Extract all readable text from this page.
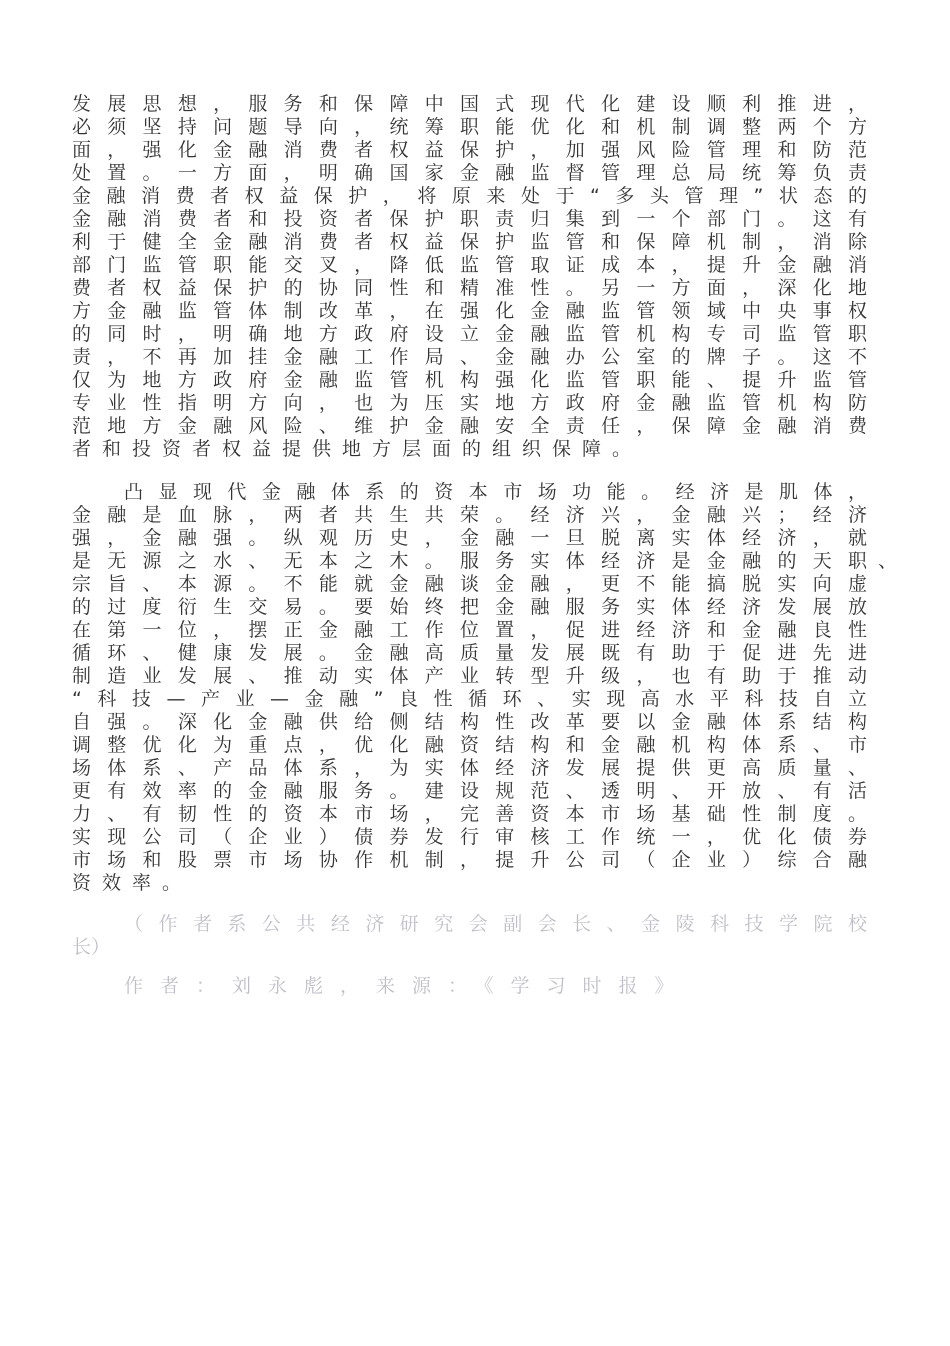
发展思想，服务和保障中国式现代化建设顺利推进，
必须坚持问题导向，统筹职能优化和机制调整两个方
面，强化金融消费者权益保护，加强风险管理和防范
处置。一方面，明确国家金融监督管理总局统筹负责
金融消费者权益保护，将原来处于“多头管理”状态的
金融消费者和投资者保护职责归集到一个部门。这有
利于健全金融消费者权益保护监管和保障机制，消除
部门监管职能交叉，降低监管取证成本，提升金融消
费者权益保护的协同性和精准性。另一方面，深化地
方金融监管体制改革，在强化金融监管领域中央事权
的同时，明确地方政府设立金融监管机构专司监管职
责，不再加挂金融工作局、金融办公室的牌子。这不
仅为地方政府金融监管机构强化监管职能、提升监管
专业性指明方向，也为压实地方政府金融监管机构防
范地方金融风险、维护金融安全责任，保障金融消费
者和投资者权益提供地方层面的组织保障。
凸显现代金融体系的资本市场功能。经济是肌体，
金融是血脉，两者共生共荣。经济兴，金融兴；经济
强，金融强。纵观历史，金融一旦脱离实体经济，就
是无源之水、无本之木。服务实体经济是金融的天职 、
宗旨、本源。不能就金融谈金融，更不能搞脱实向虚
的过度衍生交易。要始终把金融服务实体经济发展放
在第一位，摆正金融工作位置，促进经济和金融良性
循环、健康发展。金融高质量发展既有助于促进先进
制造业发展、推动实体产业转型升级，也有助于推动
“科技—产业—金融”良性循环、实现高水平科技自立
自强。深化金融供给侧结构性改革要以金融体系结构
调整优化为重点，优化融资结构和金融机构体系、市
场体系、产品体系，为实体经济发展提供更高质量、
更有效率的金融服务。建设规范、透明、开放、有活
力、有韧性的资本市场，完善资本市场基础性制度。
实现公司（企业）债券发行审核工作统一，优化债券
市场和股票市场协作机制，提升公司（企业）综合融
资效率。
（作者系公共经济研究会副会长、金陵科技学院校
长）
作者：刘永彪，来源：《学习时报》
